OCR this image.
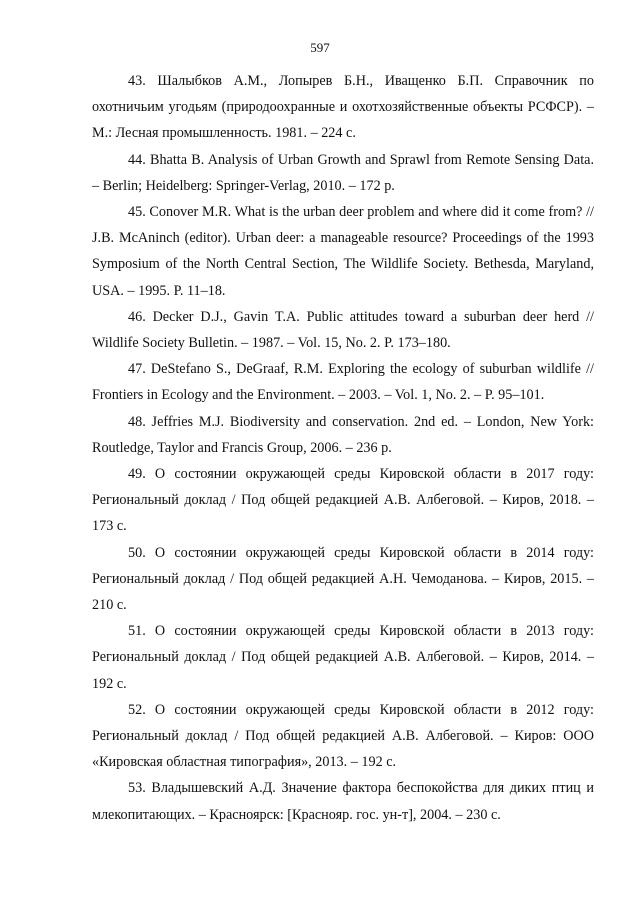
597

43. Шалыбков А.М., Лопырев Б.Н., Иващенко Б.П. Справочник по охотничьим угодьям (природоохранные и охотхозяйственные объекты РСФСР). – М.: Лесная промышленность. 1981. – 224 с.

44. Bhatta B. Analysis of Urban Growth and Sprawl from Remote Sensing Data. – Berlin; Heidelberg: Springer-Verlag, 2010. – 172 p.

45. Conover M.R. What is the urban deer problem and where did it come from? // J.B. McAninch (editor). Urban deer: a manageable resource? Proceedings of the 1993 Symposium of the North Central Section, The Wildlife Society. Bethesda, Maryland, USA. – 1995. P. 11–18.

46. Decker D.J., Gavin T.A. Public attitudes toward a suburban deer herd // Wildlife Society Bulletin. – 1987. – Vol. 15, No. 2. P. 173–180.

47. DeStefano S., DeGraaf, R.M. Exploring the ecology of suburban wildlife // Frontiers in Ecology and the Environment. – 2003. – Vol. 1, No. 2. – P. 95–101.

48. Jeffries M.J. Biodiversity and conservation. 2nd ed. – London, New York: Routledge, Taylor and Francis Group, 2006. – 236 p.

49. О состоянии окружающей среды Кировской области в 2017 году: Региональный доклад / Под общей редакцией А.В. Албеговой. – Киров, 2018. – 173 с.

50. О состоянии окружающей среды Кировской области в 2014 году: Региональный доклад / Под общей редакцией А.Н. Чемоданова. – Киров, 2015. – 210 с.

51. О состоянии окружающей среды Кировской области в 2013 году: Региональный доклад / Под общей редакцией А.В. Албеговой. – Киров, 2014. – 192 с.

52. О состоянии окружающей среды Кировской области в 2012 году: Региональный доклад / Под общей редакцией А.В. Албеговой. – Киров: ООО «Кировская областная типография», 2013. – 192 с.

53. Владышевский А.Д. Значение фактора беспокойства для диких птиц и млекопитающих. – Красноярск: [Краснояр. гос. ун-т], 2004. – 230 с.
